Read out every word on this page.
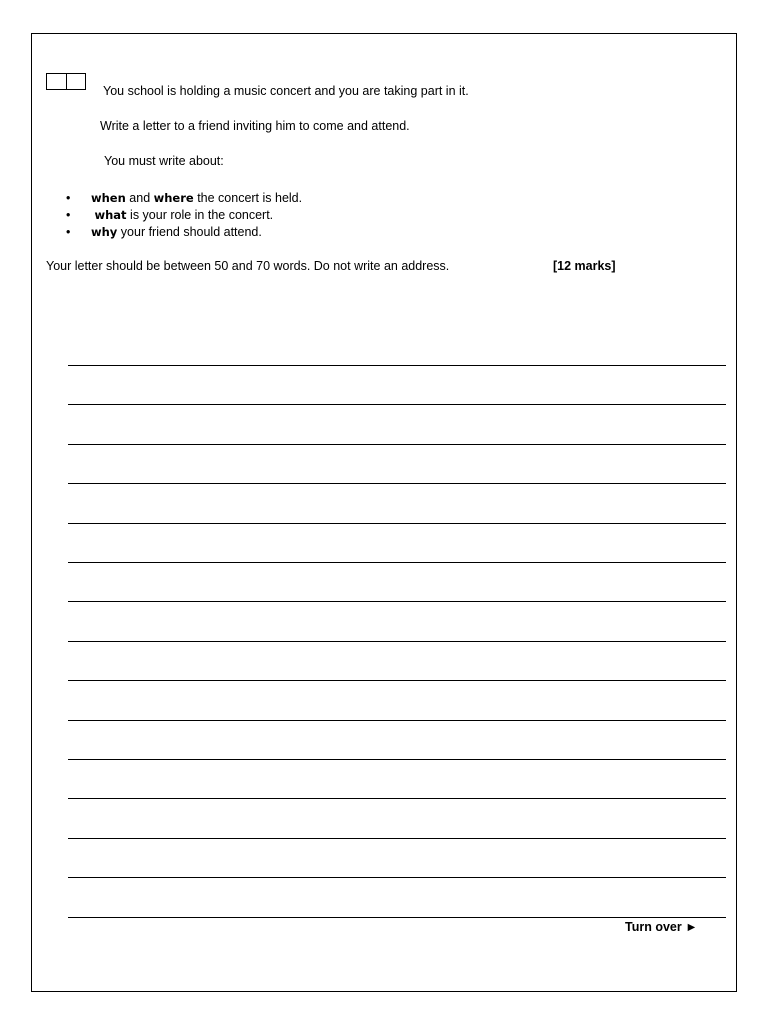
You school is holding a music concert and you are taking part in it.
Write a letter to a friend inviting him to come and attend.
You must write about:
• when and where the concert is held.
• what is your role in the concert.
• why your friend should attend.
Your letter should be between 50 and 70 words. Do not write an address.	[12 marks]
Turn over ►
